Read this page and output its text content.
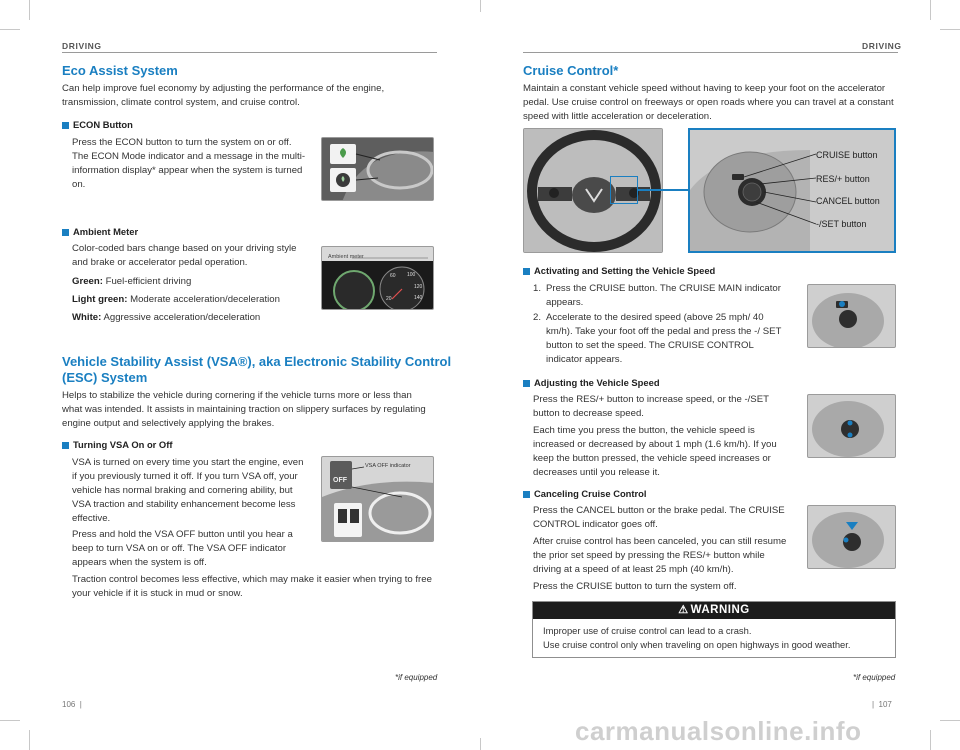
DRIVING
Eco Assist System

Can help improve fuel economy by adjusting the performance of the engine, transmission, climate control system, and cruise control.

ECON Button

Press the ECON button to turn the system on or off. The ECON Mode indicator and a message in the multi-information display* appear when the system is turned on.

Ambient Meter

Color-coded bars change based on your driving style and brake or accelerator pedal operation.

Green: Fuel-efficient driving

Light green: Moderate acceleration/deceleration

White: Aggressive acceleration/deceleration

Ambient meter
60 100
120
140
20
Vehicle Stability Assist (VSA®), aka Electronic Stability Control
(ESC) System

Helps to stabilize the vehicle during cornering if the vehicle turns more or less than what was intended. It assists in maintaining traction on slippery surfaces by regulating engine output and selectively applying the brakes.

Turning VSA On or Off

VSA is turned on every time you start the engine, even if you previously turned it off. If you turn VSA off, your vehicle has normal braking and cornering ability, but VSA traction and stability enhancement become less effective.

Press and hold the VSA OFF button until you hear a beep to turn VSA on or off. The VSA OFF indicator appears when the system is off.

Traction control becomes less effective, which may make it easier when trying to free your vehicle if it is stuck in mud or snow.

OFF
VSA OFF indicator
*if equipped
106  |
DRIVING
Cruise Control*

Maintain a constant vehicle speed without having to keep your foot on the accelerator pedal. Use cruise control on freeways or open roads where you can travel at a constant speed with little acceleration or deceleration.

CRUISE button
RES/+ button
CANCEL button
-/SET button
Activating and Setting the Vehicle Speed

1. Press the CRUISE button. The CRUISE MAIN indicator appears.

2. Accelerate to the desired speed (above 25 mph/ 40 km/h). Take your foot off the pedal and press the -/ SET button to set the speed. The CRUISE CONTROL indicator appears.

Adjusting the Vehicle Speed

Press the RES/+ button to increase speed, or the -/SET button to decrease speed.

Each time you press the button, the vehicle speed is increased or decreased by about 1 mph (1.6 km/h). If you keep the button pressed, the vehicle speed increases or decreases until you release it.

Canceling Cruise Control

Press the CANCEL button or the brake pedal. The CRUISE CONTROL indicator goes off.

After cruise control has been canceled, you can still resume the prior set speed by pressing the RES/+ button while driving at a speed of at least 25 mph (40 km/h).

Press the CRUISE button to turn the system off.

⚠ WARNING

Improper use of cruise control can lead to a crash.

Use cruise control only when traveling on open highways in good weather.

*if equipped
|  107
carmanualsonline.info
